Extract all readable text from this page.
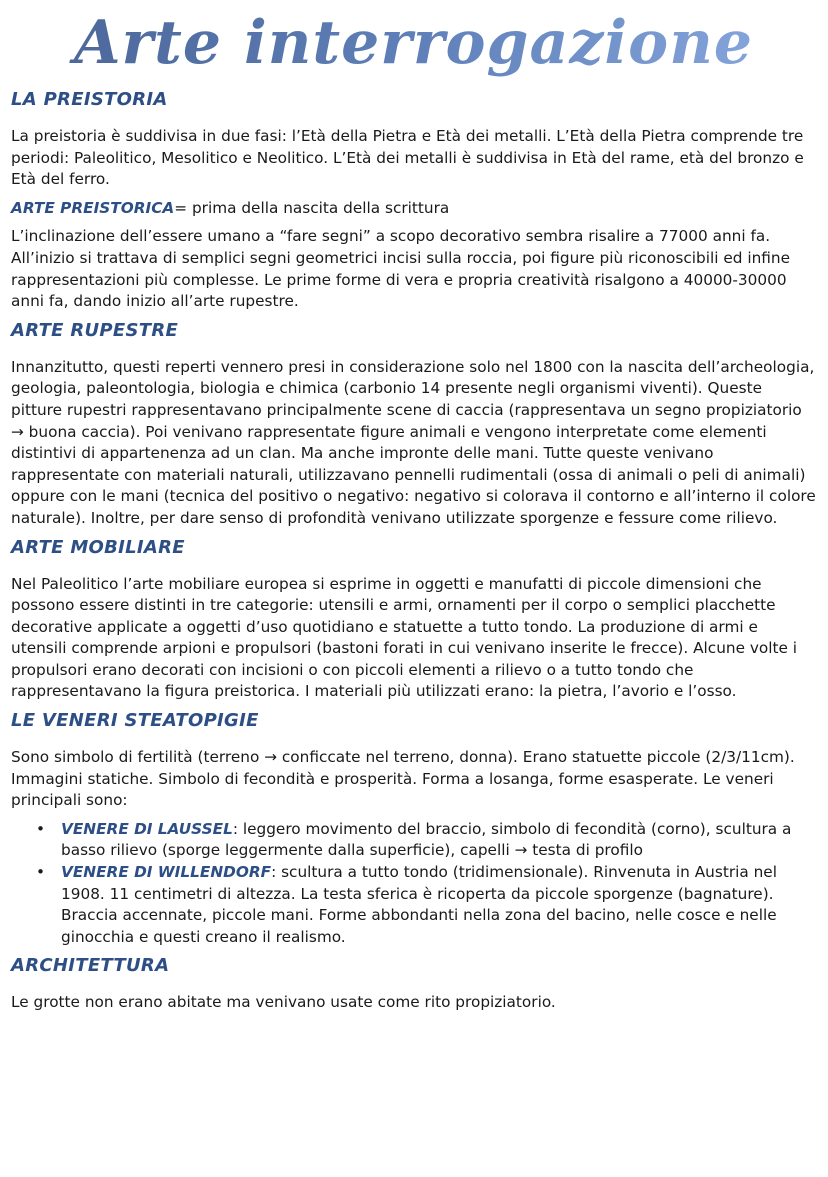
Arte interrogazione
LA PREISTORIA

La preistoria è suddivisa in due fasi: l’Età della Pietra e Età dei metalli. L’Età della Pietra comprende tre periodi: Paleolitico, Mesolitico e Neolitico. L’Età dei metalli è suddivisa in Età del rame, età del bronzo e Età del ferro.

ARTE PREISTORICA= prima della nascita della scrittura

L’inclinazione dell’essere umano a “fare segni” a scopo decorativo sembra risalire a 77000 anni fa. All’inizio si trattava di semplici segni geometrici incisi sulla roccia, poi figure più riconoscibili ed infine rappresentazioni più complesse. Le prime forme di vera e propria creatività risalgono a 40000-30000 anni fa, dando inizio all’arte rupestre.

ARTE RUPESTRE

Innanzitutto, questi reperti vennero presi in considerazione solo nel 1800 con la nascita dell’archeologia, geologia, paleontologia, biologia e chimica (carbonio 14 presente negli organismi viventi). Queste pitture rupestri rappresentavano principalmente scene di caccia (rappresentava un segno propiziatorio → buona caccia). Poi venivano rappresentate figure animali e vengono interpretate come elementi distintivi di appartenenza ad un clan. Ma anche impronte delle mani. Tutte queste venivano rappresentate con materiali naturali, utilizzavano pennelli rudimentali (ossa di animali o peli di animali) oppure con le mani (tecnica del positivo o negativo: negativo si colorava il contorno e all’interno il colore naturale). Inoltre, per dare senso di profondità venivano utilizzate sporgenze e fessure come rilievo.

ARTE MOBILIARE

Nel Paleolitico l’arte mobiliare europea si esprime in oggetti e manufatti di piccole dimensioni che possono essere distinti in tre categorie: utensili e armi, ornamenti per il corpo o semplici placchette decorative applicate a oggetti d’uso quotidiano e statuette a tutto tondo. La produzione di armi e utensili comprende arpioni e propulsori (bastoni forati in cui venivano inserite le frecce). Alcune volte i propulsori erano decorati con incisioni o con piccoli elementi a rilievo o a tutto tondo che rappresentavano la figura preistorica. I materiali più utilizzati erano: la pietra, l’avorio e l’osso.

LE VENERI STEATOPIGIE

Sono simbolo di fertilità (terreno → conficcate nel terreno, donna). Erano statuette piccole (2/3/11cm). Immagini statiche. Simbolo di fecondità e prosperità. Forma a losanga, forme esasperate. Le veneri principali sono:

• VENERE DI LAUSSEL: leggero movimento del braccio, simbolo di fecondità (corno), scultura a basso rilievo (sporge leggermente dalla superficie), capelli → testa di profilo
• VENERE DI WILLENDORF: scultura a tutto tondo (tridimensionale). Rinvenuta in Austria nel 1908. 11 centimetri di altezza. La testa sferica è ricoperta da piccole sporgenze (bagnature). Braccia accennate, piccole mani. Forme abbondanti nella zona del bacino, nelle cosce e nelle ginocchia e questi creano il realismo.
ARCHITETTURA

Le grotte non erano abitate ma venivano usate come rito propiziatorio.
